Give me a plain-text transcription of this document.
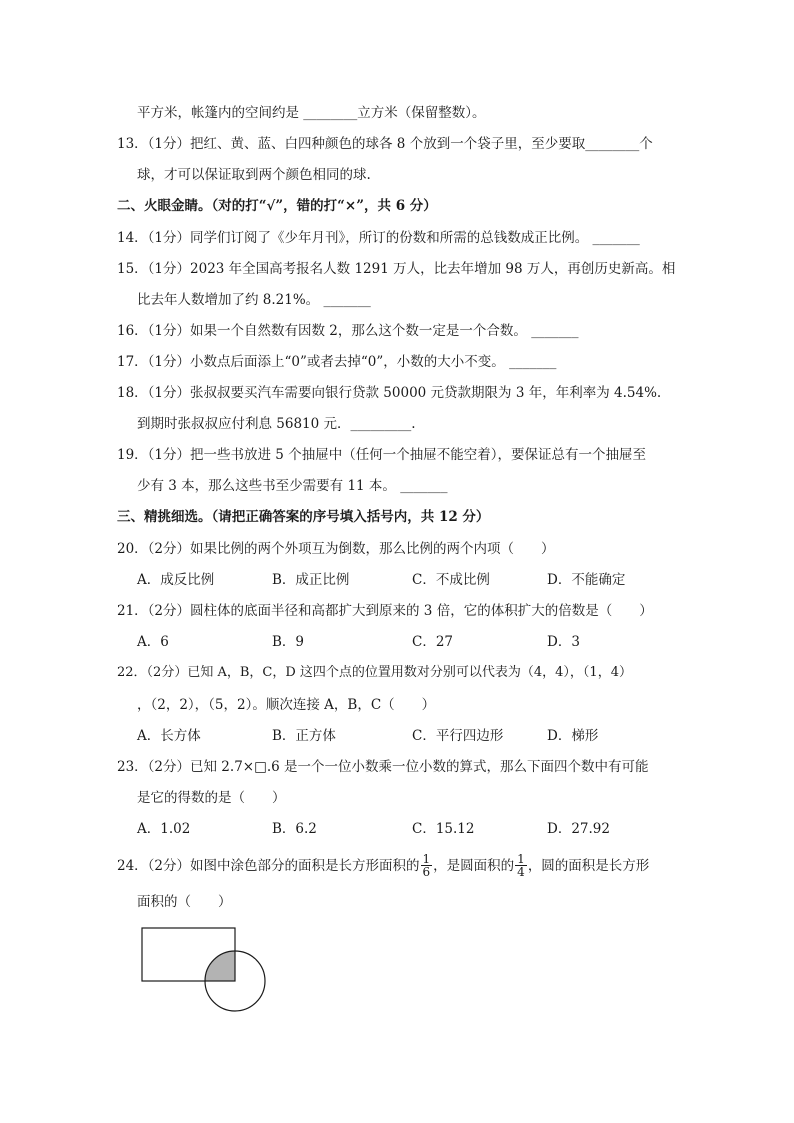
平方米，帐篷内的空间约是 ________立方米（保留整数）。
13．（1分）把红、黄、蓝、白四种颜色的球各 8 个放到一个袋子里，至少要取________个
球，才可以保证取到两个颜色相同的球.
二、火眼金睛。（对的打“√”，错的打“×”，共 6 分）
14．（1分）同学们订阅了《少年月刊》，所订的份数和所需的总钱数成正比例。 _______
15．（1分）2023 年全国高考报名人数 1291 万人，比去年增加 98 万人，再创历史新高。相
比去年人数增加了约 8.21%。 _______
16．（1分）如果一个自然数有因数 2，那么这个数一定是一个合数。 _______
17．（1分）小数点后面添上“0”或者去掉“0”，小数的大小不变。 _______
18．（1分）张叔叔要买汽车需要向银行贷款 50000 元贷款期限为 3 年，年利率为 4.54%.
到期时张叔叔应付利息 56810 元．_________.
19．（1分）把一些书放进 5 个抽屉中（任何一个抽屉不能空着），要保证总有一个抽屉至
少有 3 本，那么这些书至少需要有 11 本。 _______
三、精挑细选。（请把正确答案的序号填入括号内，共 12 分）
20．（2分）如果比例的两个外项互为倒数，那么比例的两个内项（　　）
A．成反比例	B．成正比例	C．不成比例	D．不能确定
21．（2分）圆柱体的底面半径和高都扩大到原来的 3 倍，它的体积扩大的倍数是（　　）
A．6	B．9	C．27	D．3
22．（2分）已知 A，B，C，D 这四个点的位置用数对分别可以代表为（4，4），（1，4）
，（2，2），（5，2）。顺次连接 A，B，C（　　）
A．长方体	B．正方体	C．平行四边形	D．梯形
23．（2分）已知 2.7×□.6 是一个一位小数乘一位小数的算式，那么下面四个数中有可能
是它的得数的是（　　）
A．1.02	B．6.2	C．15.12	D．27.92
24．（2分）如图中涂色部分的面积是长方形面积的 $\frac{1}{6}$ ，是圆面积的 $\frac{1}{4}$ ，圆的面积是长方形
面积的（　　）
